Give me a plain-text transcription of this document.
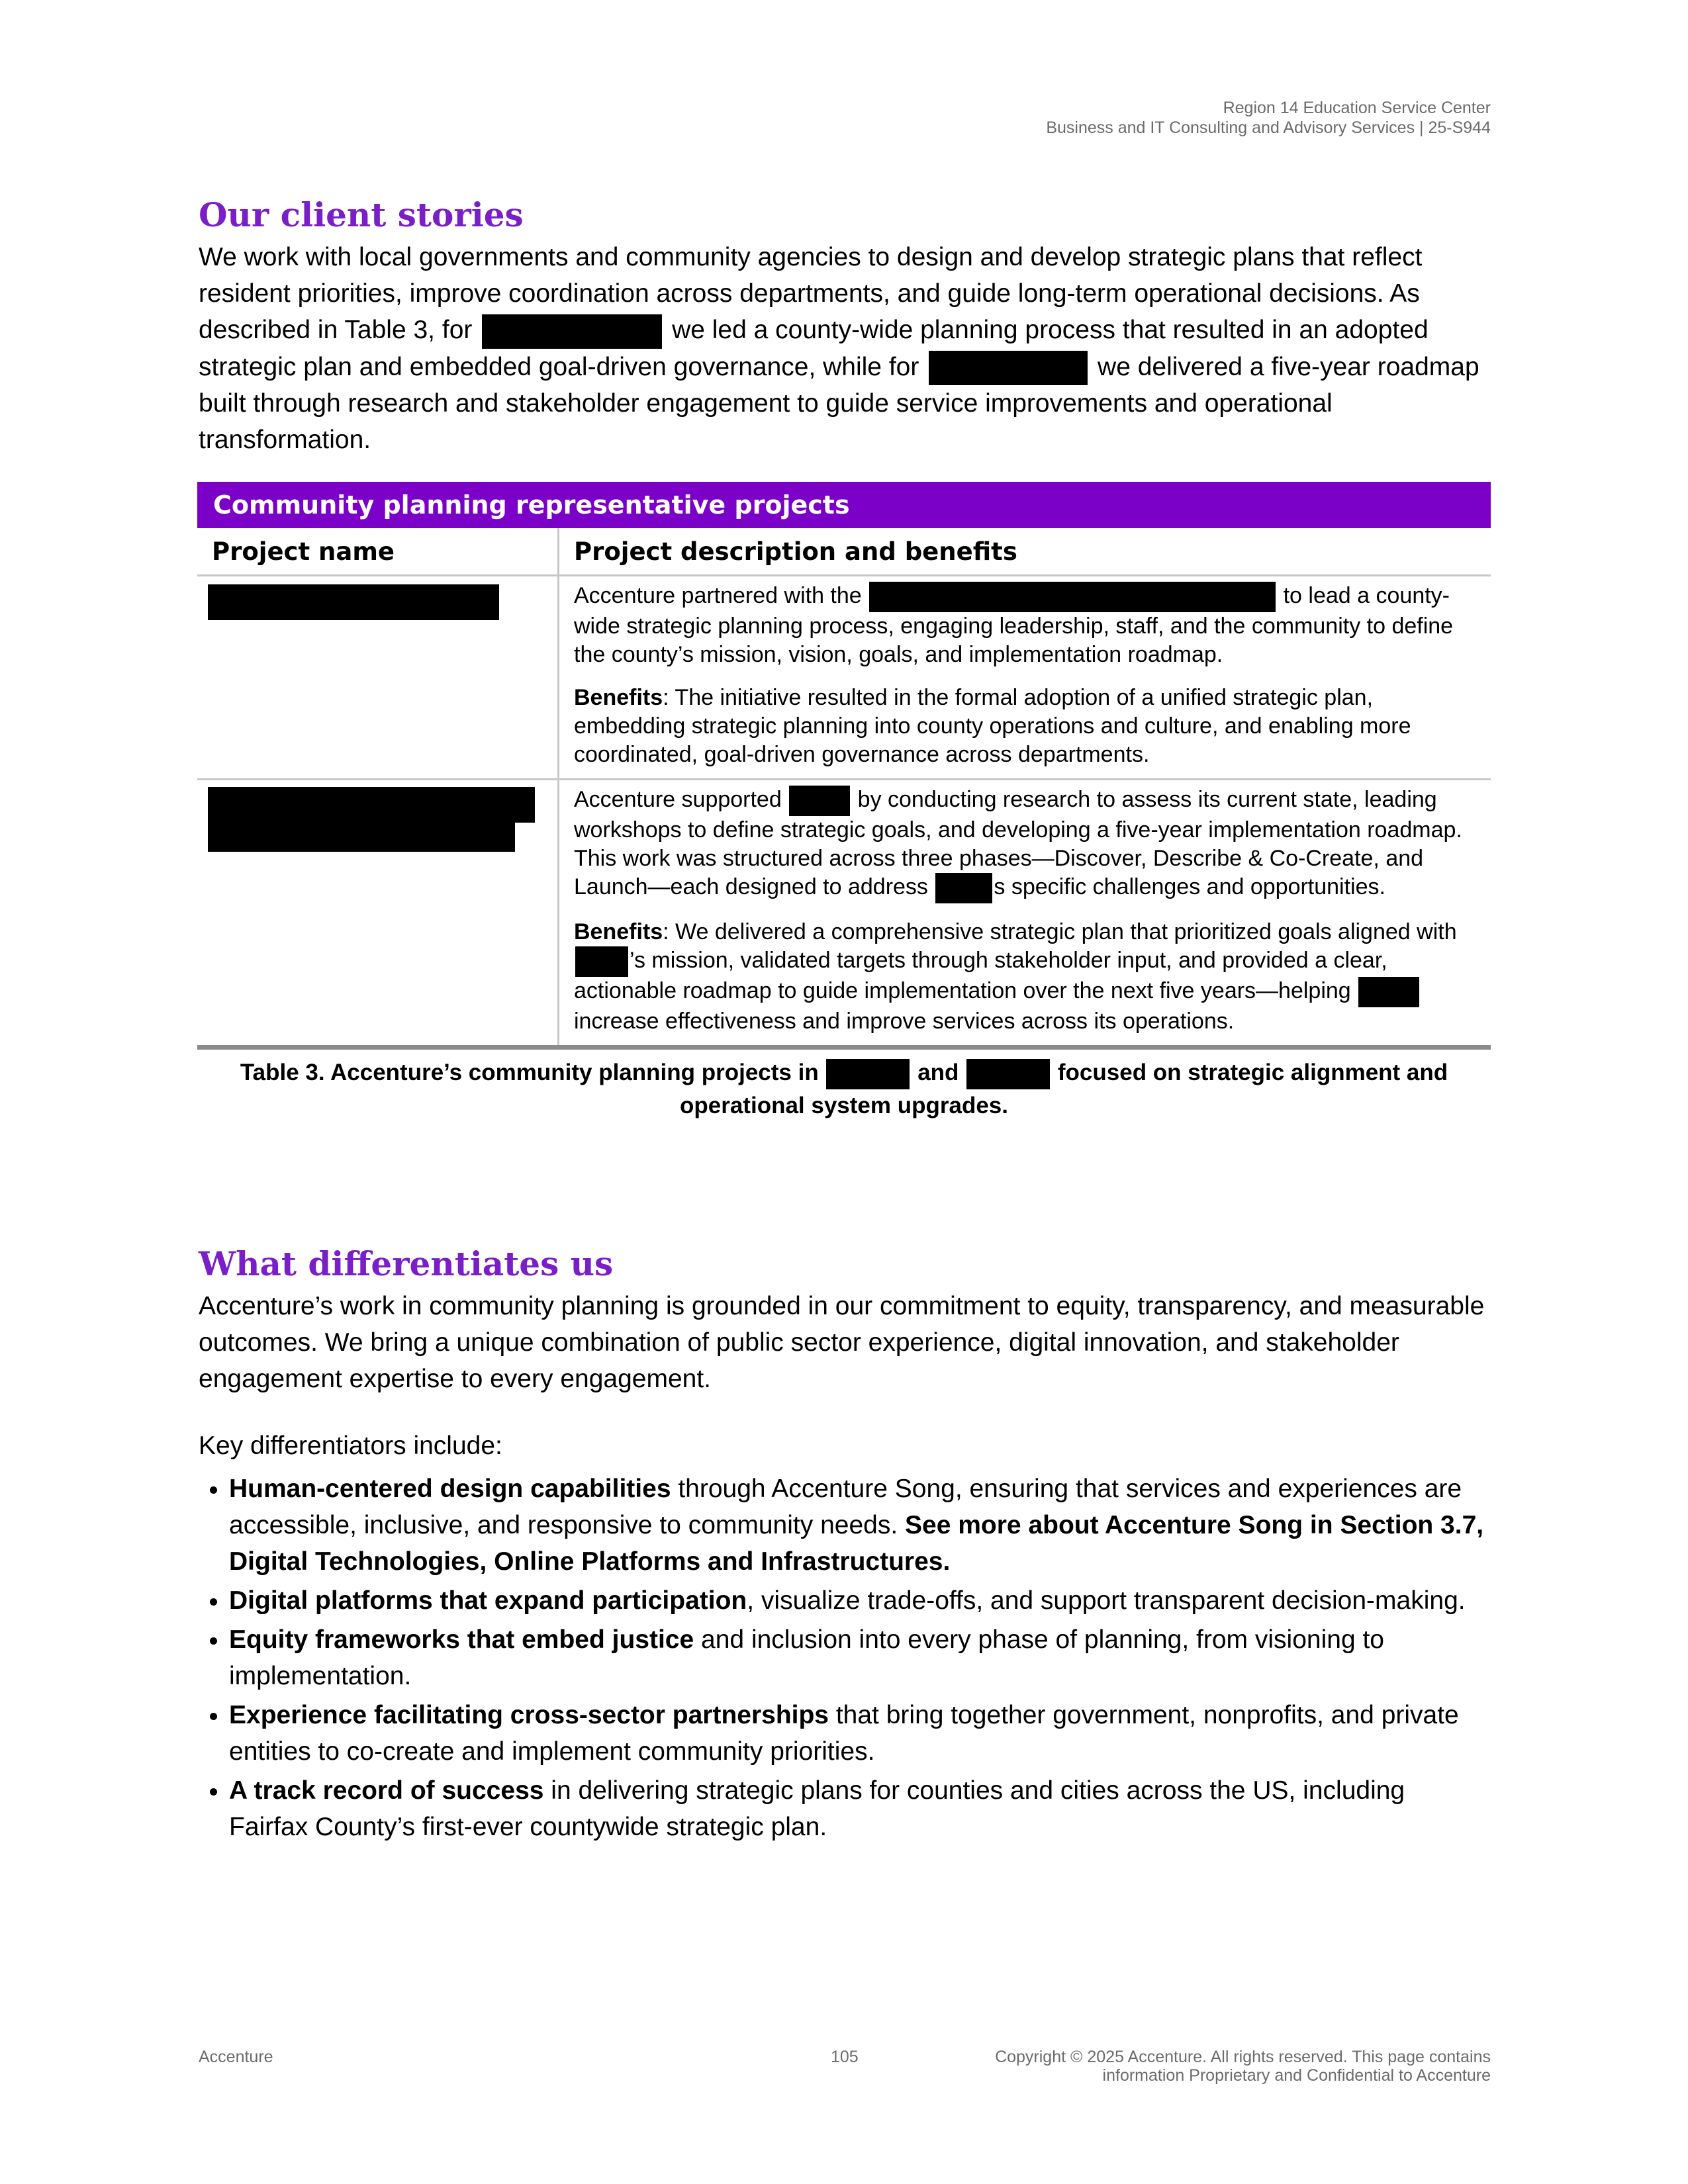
Region 14 Education Service Center
Business and IT Consulting and Advisory Services | 25-S944
Our client stories

We work with local governments and community agencies to design and develop strategic plans that reflect resident priorities, improve coordination across departments, and guide long-term operational decisions. As described in Table 3, for	we led a county-wide planning process that resulted in an adopted strategic plan and embedded goal-driven governance, while for	we delivered a five-year roadmap built through research and stakeholder engagement to guide service improvements and operational transformation.

Community planning representative projects
Project name	Project description and benefits

	Accenture partnered with the to lead a county-wide strategic planning process, engaging leadership, staff, and the community to define the county’s mission, vision, goals, and implementation roadmap.

Benefits: The initiative resulted in the formal adoption of a unified strategic plan, embedding strategic planning into county operations and culture, and enabling more coordinated, goal-driven governance across departments.

	Accenture supported by conducting research to assess its current state, leading workshops to define strategic goals, and developing a five-year implementation roadmap. This work was structured across three phases—Discover, Describe & Co-Create, and Launch—each designed to address s specific challenges and opportunities.

Benefits: We delivered a comprehensive strategic plan that prioritized goals aligned with ’s mission, validated targets through stakeholder input, and provided a clear, actionable roadmap to guide implementation over the next five years—helping  increase effectiveness and improve services across its operations.

Table 3. Accenture’s community planning projects in	and	focused on strategic alignment and operational system upgrades.
What differentiates us

Accenture’s work in community planning is grounded in our commitment to equity, transparency, and measurable outcomes. We bring a unique combination of public sector experience, digital innovation, and stakeholder engagement expertise to every engagement.

Key differentiators include:

• Human-centered design capabilities through Accenture Song, ensuring that services and experiences are accessible, inclusive, and responsive to community needs. See more about Accenture Song in Section 3.7, Digital Technologies, Online Platforms and Infrastructures.
• Digital platforms that expand participation, visualize trade-offs, and support transparent decision-making.
• Equity frameworks that embed justice and inclusion into every phase of planning, from visioning to implementation.
• Experience facilitating cross-sector partnerships that bring together government, nonprofits, and private entities to co-create and implement community priorities.
• A track record of success in delivering strategic plans for counties and cities across the US, including Fairfax County’s first-ever countywide strategic plan.
Accenture	105	Copyright © 2025 Accenture. All rights reserved. This page contains
information Proprietary and Confidential to Accenture
